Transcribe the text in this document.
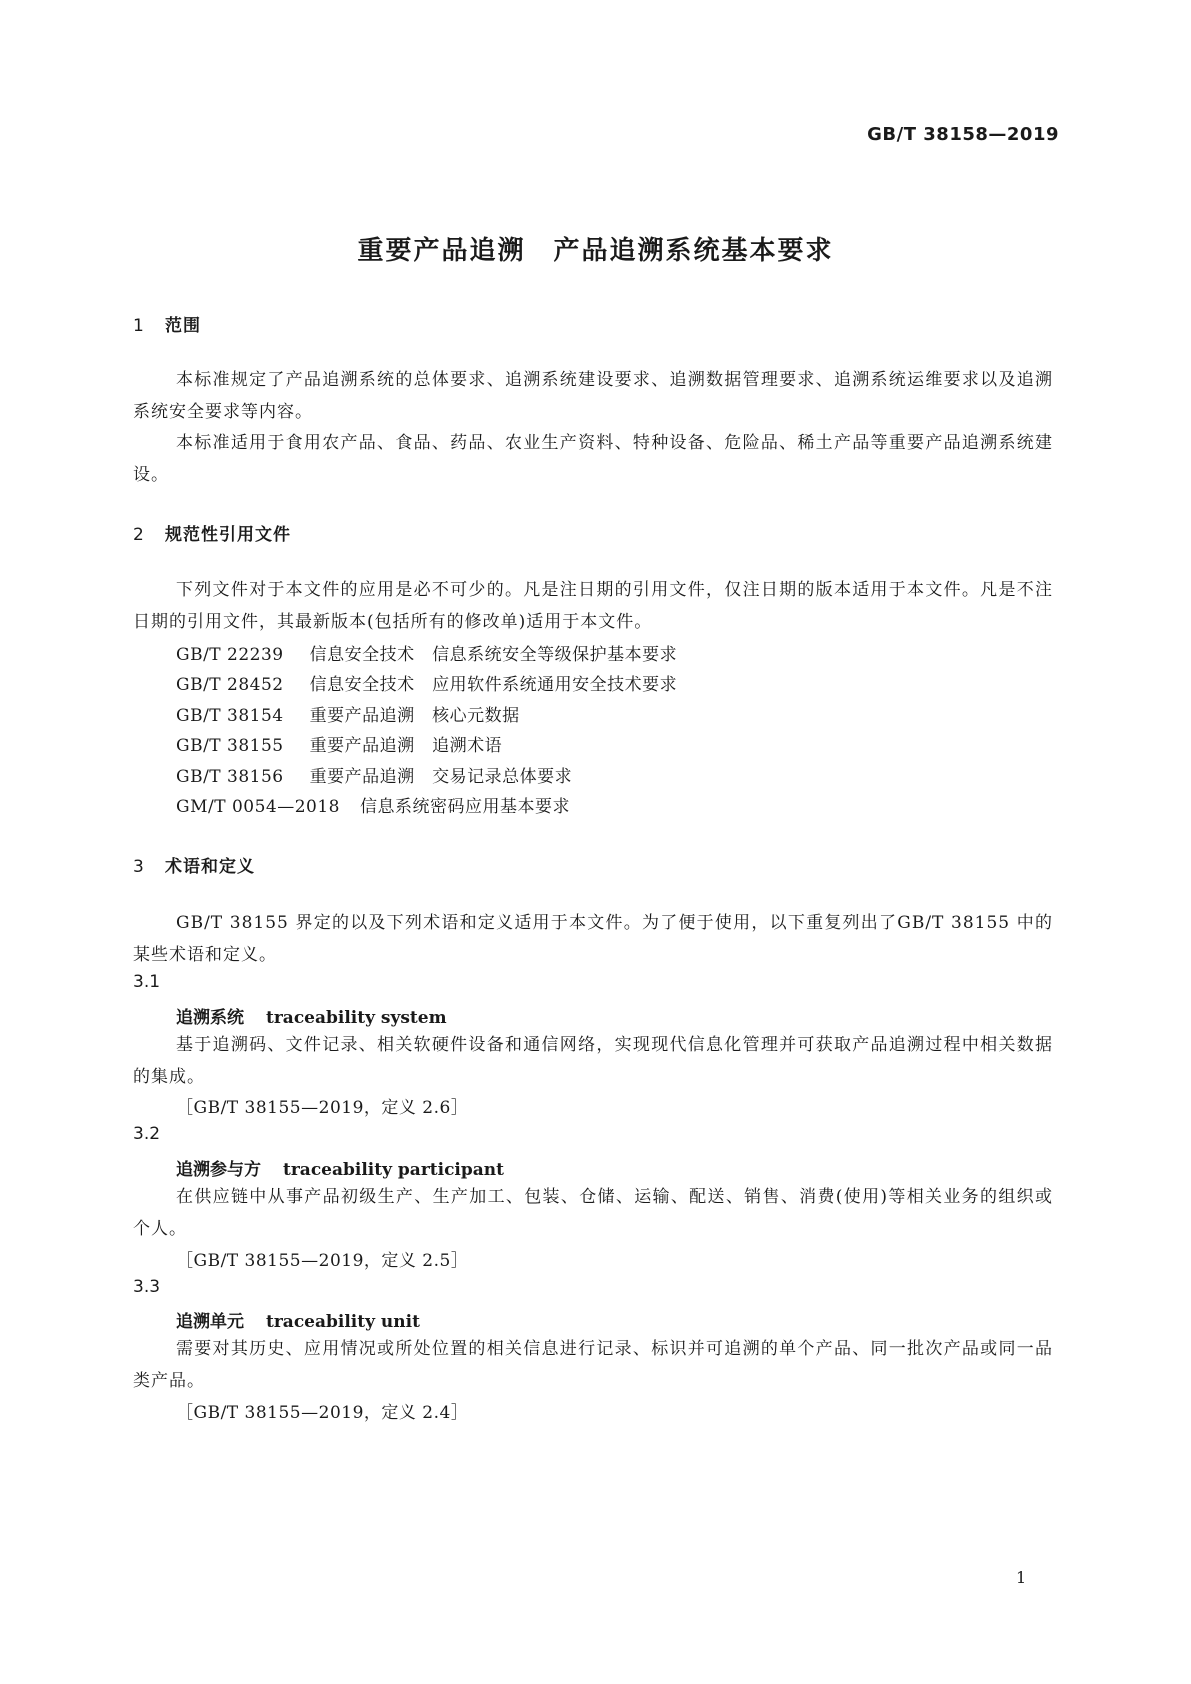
GB/T 38158—2019
重要产品追溯　产品追溯系统基本要求
1 范围
本标准规定了产品追溯系统的总体要求、追溯系统建设要求、追溯数据管理要求、追溯系统运维要求以及追溯系统安全要求等内容。
本标准适用于食用农产品、食品、药品、农业生产资料、特种设备、危险品、稀土产品等重要产品追溯系统建设。
2 规范性引用文件
下列文件对于本文件的应用是必不可少的。凡是注日期的引用文件，仅注日期的版本适用于本文件。凡是不注日期的引用文件，其最新版本(包括所有的修改单)适用于本文件。
GB/T 22239 信息安全技术　信息系统安全等级保护基本要求
GB/T 28452 信息安全技术　应用软件系统通用安全技术要求
GB/T 38154 重要产品追溯　核心元数据
GB/T 38155 重要产品追溯　追溯术语
GB/T 38156 重要产品追溯　交易记录总体要求
GM/T 0054—2018 信息系统密码应用基本要求
3 术语和定义
GB/T 38155 界定的以及下列术语和定义适用于本文件。为了便于使用，以下重复列出了GB/T 38155 中的某些术语和定义。
3.1
追溯系统 traceability system
基于追溯码、文件记录、相关软硬件设备和通信网络，实现现代信息化管理并可获取产品追溯过程中相关数据的集成。
［GB/T 38155—2019，定义 2.6］
3.2
追溯参与方 traceability participant
在供应链中从事产品初级生产、生产加工、包装、仓储、运输、配送、销售、消费(使用)等相关业务的组织或个人。
［GB/T 38155—2019，定义 2.5］
3.3
追溯单元 traceability unit
需要对其历史、应用情况或所处位置的相关信息进行记录、标识并可追溯的单个产品、同一批次产品或同一品类产品。
［GB/T 38155—2019，定义 2.4］
1
